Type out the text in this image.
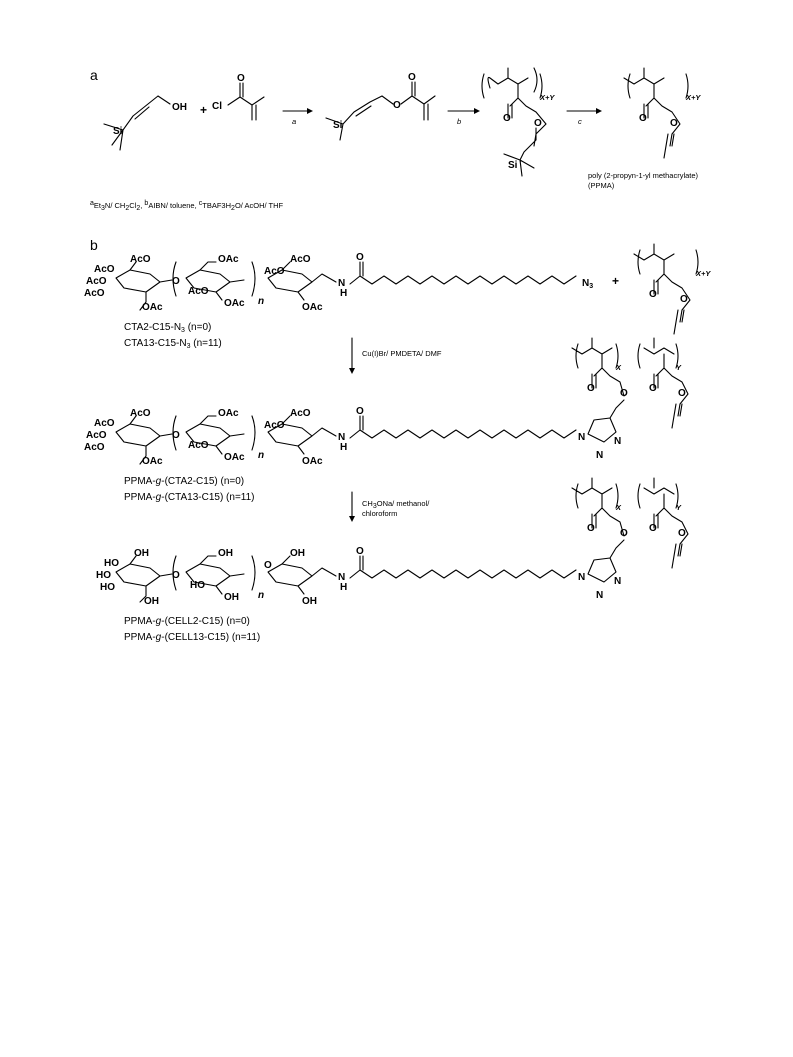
a
Si
OH + Cl
O
a	Si
O
O
b	O O
Si
X+Y
c	O O
X+Y
poly (2-propyn-1-yl methacrylate)
(PPMA)
aEt3N/ CH2Cl2, bAIBN/ toluene, cTBAF3H2O/ AcOH/ THF
b
AcO
AcO
AcO
AcO
OAc
O
OAc
AcO
OAc n
AcO
AcO
OAc
N
H
O
$N_3$ +
O O
X+Y
$CTA2-C15-N_3$ (n=0)
$CTA13-C15-N_3$ (n=11)
Cu(I)Br/ PMDETA/ DMF
AcO
AcO
AcO
AcO
OAc
O
OAc
AcO
OAc n
AcO
AcO
OAc
N
H
O
N
N
N
O	O O O
X	Y
PPMA-g-(CTA2-C15) (n=0)
PPMA-g-(CTA13-C15) (n=11)
CH3ONa/ methanol/
chloroform
HO
HO
HO
OH
OH
O
OH
HO
OH n
O
OH
OH
N
H
O
N
N
N
O	O O O
X	Y
PPMA-g-(CELL2-C15) (n=0)
PPMA-g-(CELL13-C15) (n=11)
